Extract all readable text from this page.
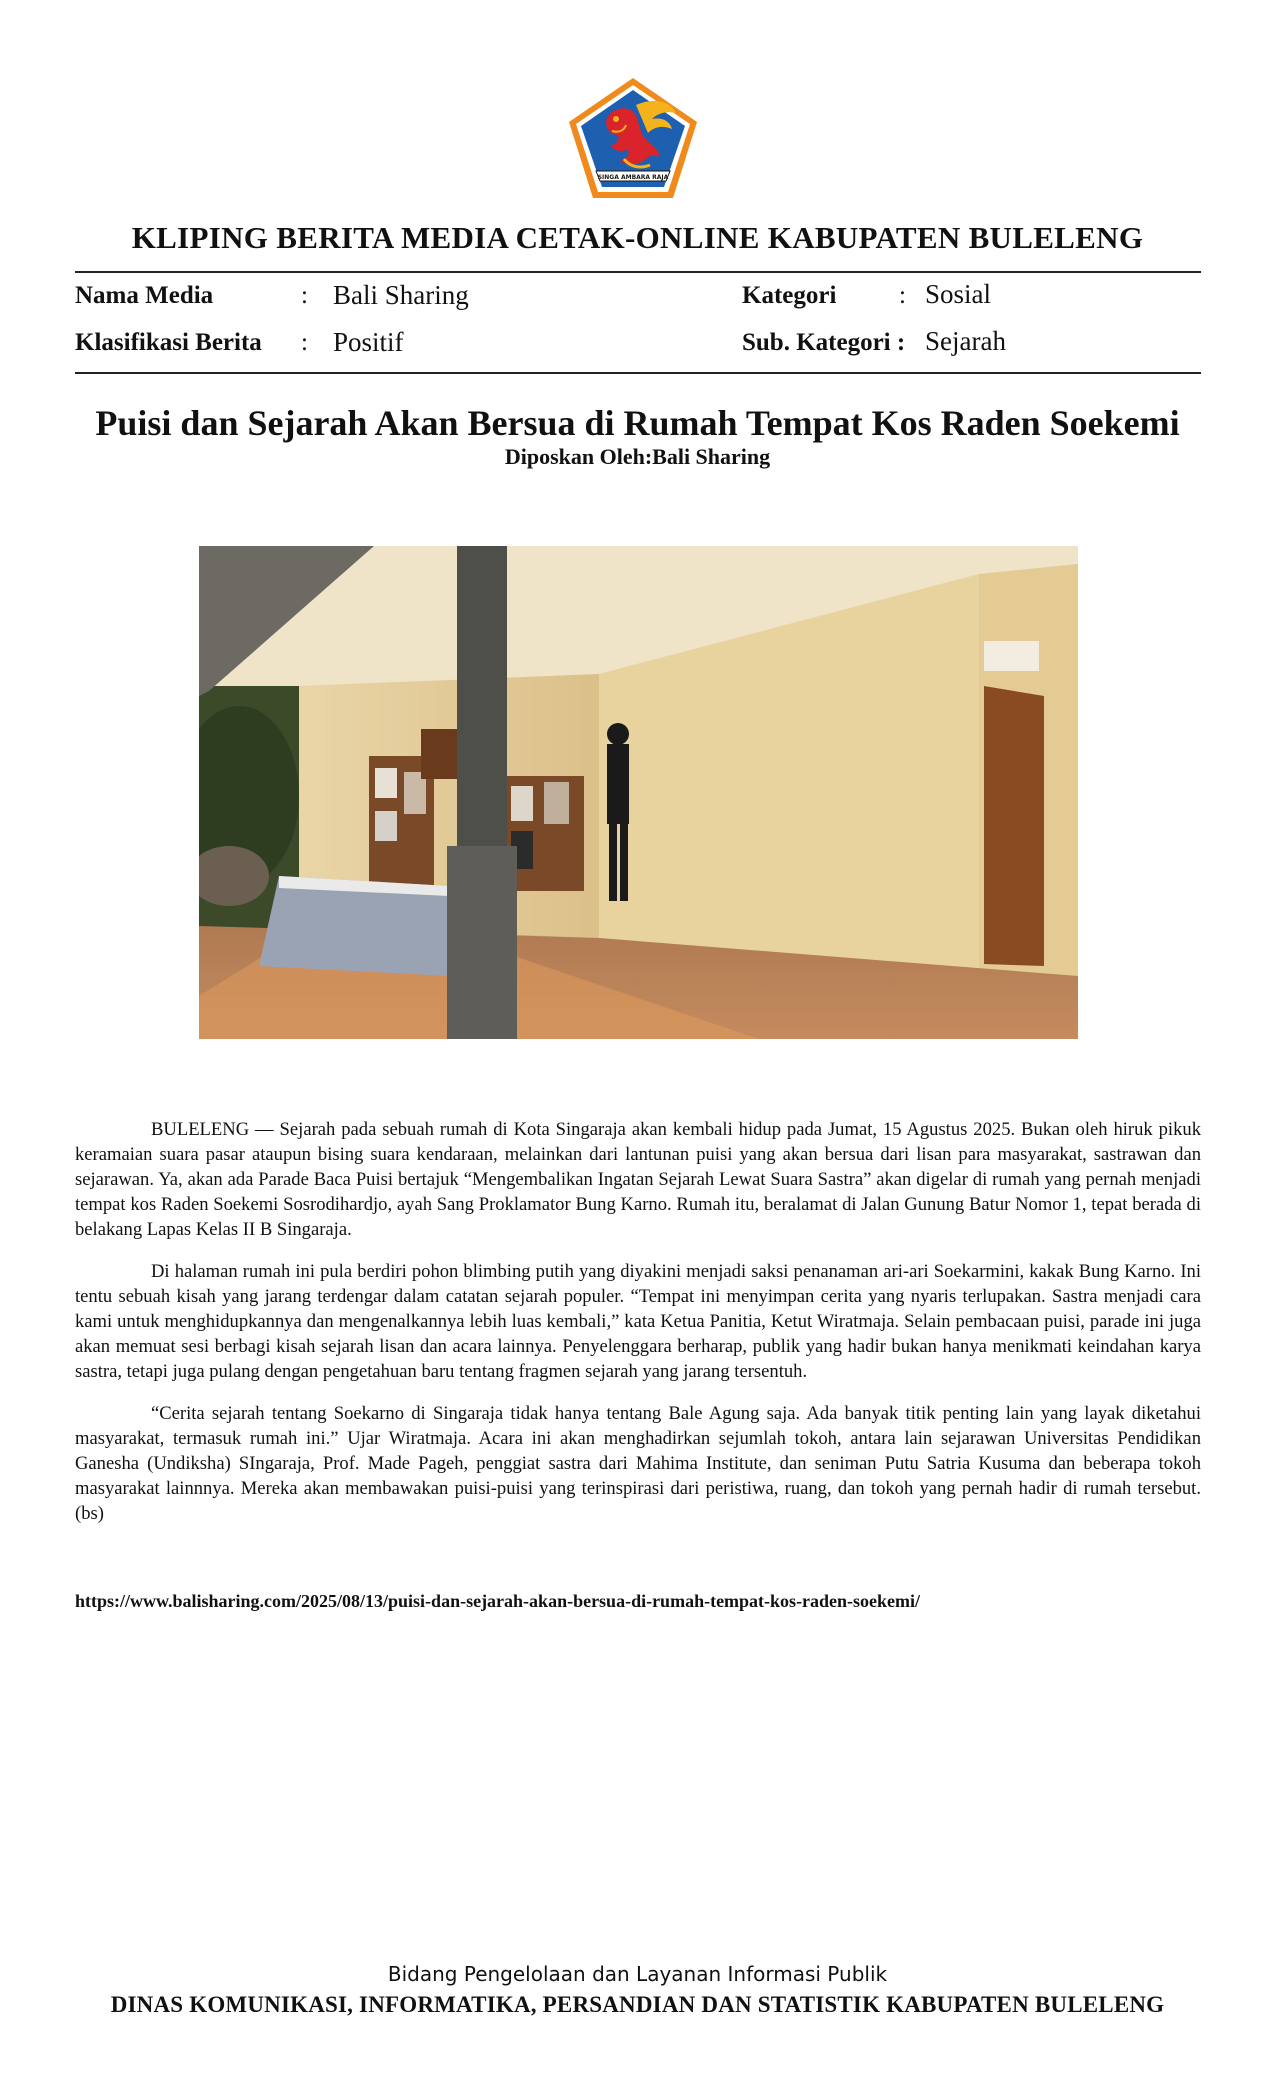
SINGA AMBARA RAJA
KLIPING BERITA MEDIA CETAK-ONLINE KABUPATEN BULELENG
Nama Media	: Bali Sharing
Klasifikasi Berita : Positif
Kategori	: Sosial
Sub. Kategori : Sejarah
Puisi dan Sejarah Akan Bersua di Rumah Tempat Kos Raden Soekemi
Diposkan Oleh:Bali Sharing

BULELENG — Sejarah pada sebuah rumah di Kota Singaraja akan kembali hidup pada Jumat, 15 Agustus 2025. Bukan oleh hiruk pikuk keramaian suara pasar ataupun bising suara kendaraan, melainkan dari lantunan puisi yang akan bersua dari lisan para masyarakat, sastrawan dan sejarawan. Ya, akan ada Parade Baca Puisi bertajuk “Mengembalikan Ingatan Sejarah Lewat Suara Sastra” akan digelar di rumah yang pernah menjadi tempat kos Raden Soekemi Sosrodihardjo, ayah Sang Proklamator Bung Karno. Rumah itu, beralamat di Jalan Gunung Batur Nomor 1, tepat berada di belakang Lapas Kelas II B Singaraja.

Di halaman rumah ini pula berdiri pohon blimbing putih yang diyakini menjadi saksi penanaman ari-ari Soekarmini, kakak Bung Karno. Ini tentu sebuah kisah yang jarang terdengar dalam catatan sejarah populer. “Tempat ini menyimpan cerita yang nyaris terlupakan. Sastra menjadi cara kami untuk menghidupkannya dan mengenalkannya lebih luas kembali,” kata Ketua Panitia, Ketut Wiratmaja. Selain pembacaan puisi, parade ini juga akan memuat sesi berbagi kisah sejarah lisan dan acara lainnya. Penyelenggara berharap, publik yang hadir bukan hanya menikmati keindahan karya sastra, tetapi juga pulang dengan pengetahuan baru tentang fragmen sejarah yang jarang tersentuh.

“Cerita sejarah tentang Soekarno di Singaraja tidak hanya tentang Bale Agung saja. Ada banyak titik penting lain yang layak diketahui masyarakat, termasuk rumah ini.” Ujar Wiratmaja. Acara ini akan menghadirkan sejumlah tokoh, antara lain sejarawan Universitas Pendidikan Ganesha (Undiksha) SIngaraja, Prof. Made Pageh, penggiat sastra dari Mahima Institute, dan seniman Putu Satria Kusuma dan beberapa tokoh masyarakat lainnnya. Mereka akan membawakan puisi-puisi yang terinspirasi dari peristiwa, ruang, dan tokoh yang pernah hadir di rumah tersebut. (bs)

https://www.balisharing.com/2025/08/13/puisi-dan-sejarah-akan-bersua-di-rumah-tempat-kos-raden-soekemi/
Bidang Pengelolaan dan Layanan Informasi Publik
DINAS KOMUNIKASI, INFORMATIKA, PERSANDIAN DAN STATISTIK KABUPATEN BULELENG
